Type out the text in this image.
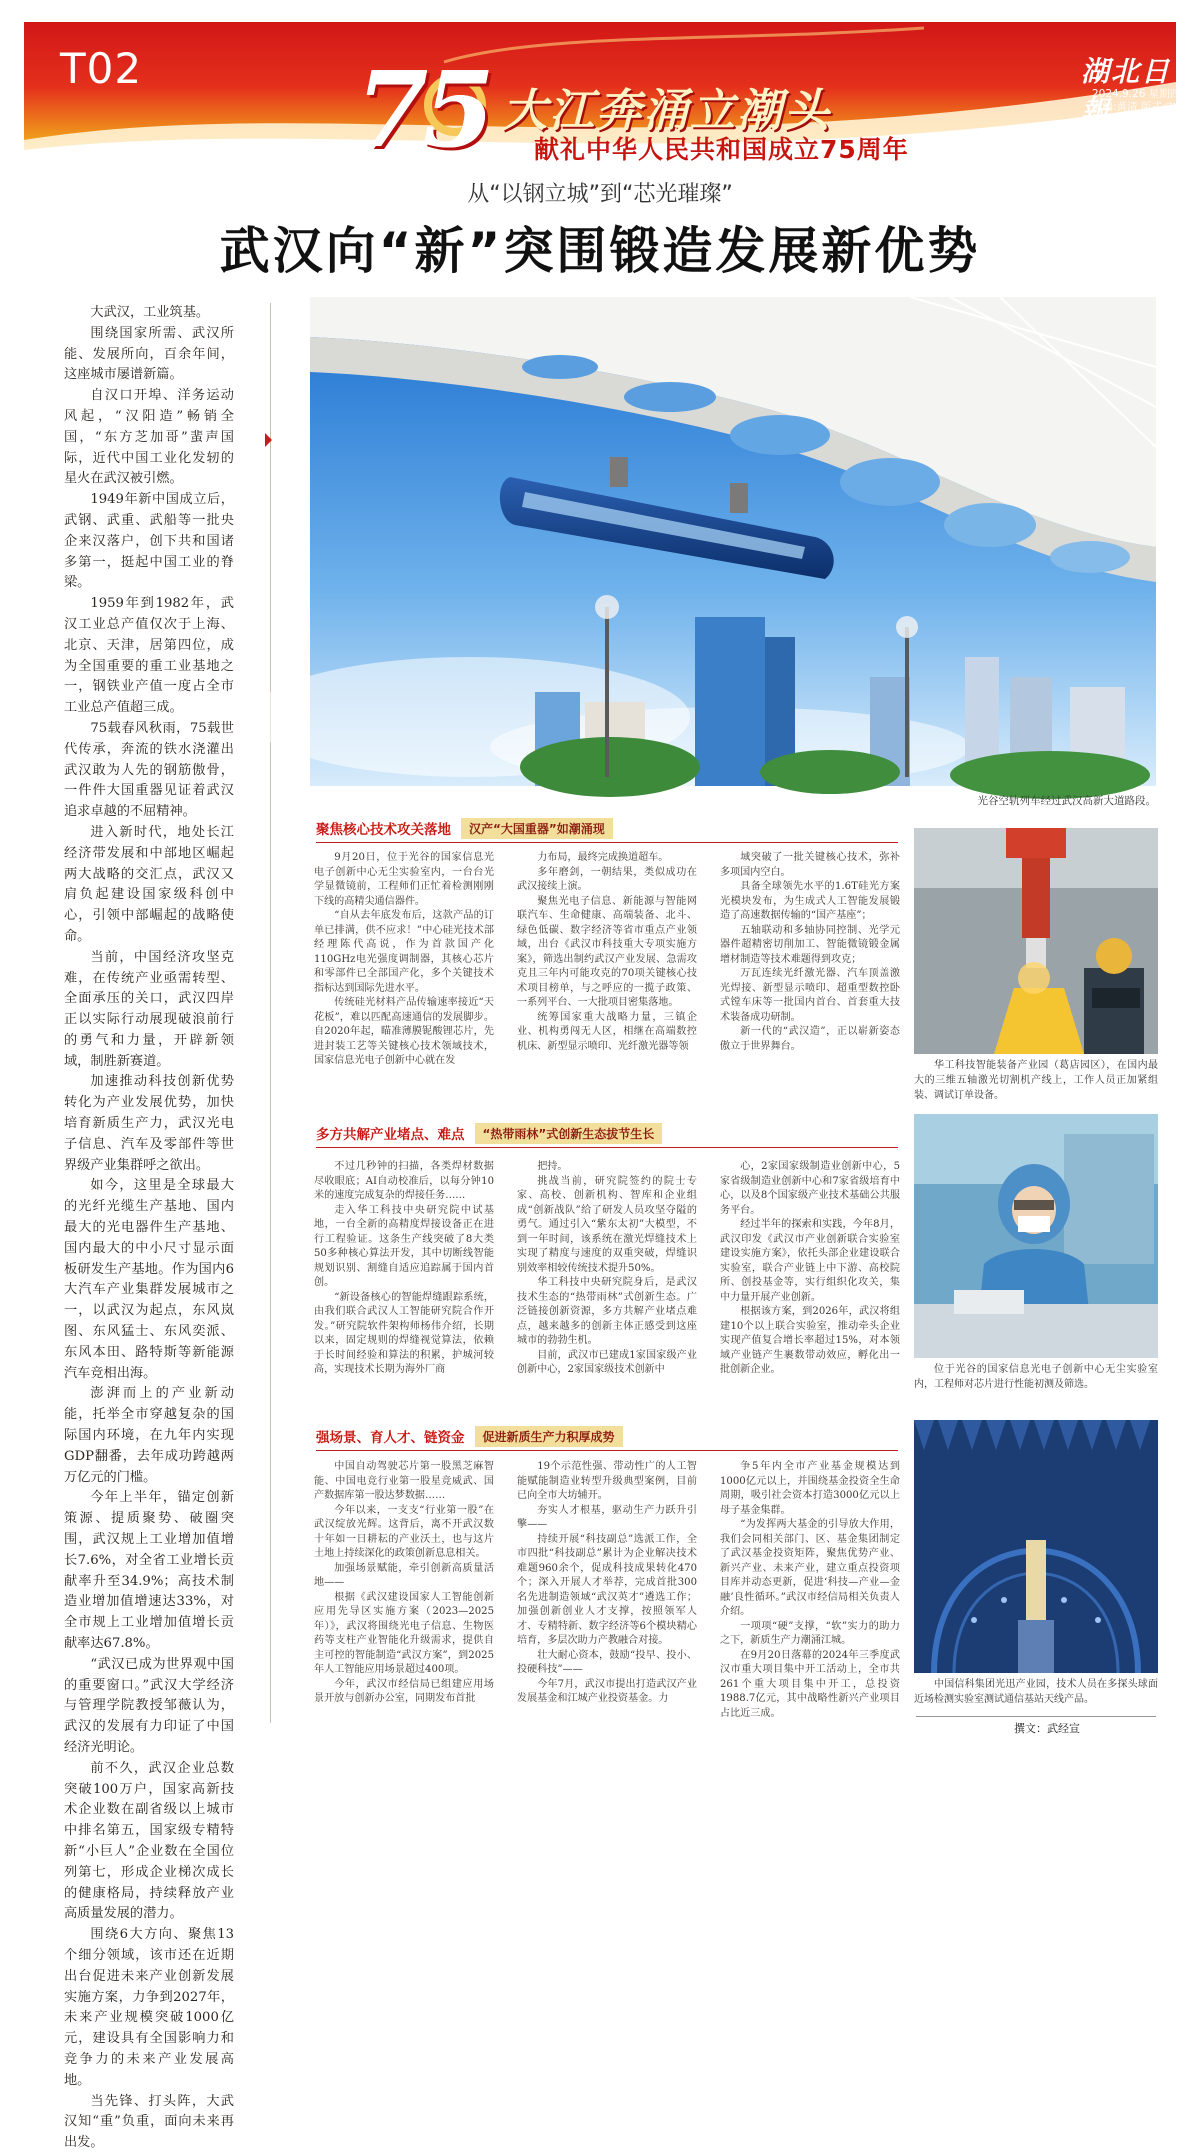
T02 75 大江奔涌立潮头
献礼中华人民共和国成立75周年
湖北日報
2024.9.26 星期四
责编:黄清 版式:宋小为
从“以钢立城”到“芯光璀璨”
武汉向“新”突围锻造发展新优势

大武汉，工业筑基。

围绕国家所需、武汉所能、发展所向，百余年间，这座城市屡谱新篇。

自汉口开埠、洋务运动风起，“汉阳造”畅销全国，“东方芝加哥”蜚声国际，近代中国工业化发轫的星火在武汉被引燃。

1949年新中国成立后，武钢、武重、武船等一批央企来汉落户，创下共和国诸多第一，挺起中国工业的脊梁。

1959年到1982年，武汉工业总产值仅次于上海、北京、天津，居第四位，成为全国重要的重工业基地之一，钢铁业产值一度占全市工业总产值超三成。

75载春风秋雨，75载世代传承，奔流的铁水浇灌出武汉敢为人先的钢筋傲骨，一件件大国重器见证着武汉追求卓越的不屈精神。

进入新时代，地处长江经济带发展和中部地区崛起两大战略的交汇点，武汉又肩负起建设国家级科创中心，引领中部崛起的战略使命。

当前，中国经济攻坚克难，在传统产业亟需转型、全面承压的关口，武汉四岸正以实际行动展现破浪前行的勇气和力量，开辟新领域，制胜新赛道。

加速推动科技创新优势转化为产业发展优势，加快培育新质生产力，武汉光电子信息、汽车及零部件等世界级产业集群呼之欲出。

如今，这里是全球最大的光纤光缆生产基地、国内最大的光电器件生产基地、国内最大的中小尺寸显示面板研发生产基地。作为国内6大汽车产业集群发展城市之一，以武汉为起点，东风岚图、东风猛士、东风奕派、东风本田、路特斯等新能源汽车竞相出海。

澎湃而上的产业新动能，托举全市穿越复杂的国际国内环境，在九年内实现GDP翻番，去年成功跨越两万亿元的门槛。

今年上半年，锚定创新策源、提质聚势、破圈突围，武汉规上工业增加值增长7.6%，对全省工业增长贡献率升至34.9%；高技术制造业增加值增速达33%，对全市规上工业增加值增长贡献率达67.8%。

“武汉已成为世界观中国的重要窗口。”武汉大学经济与管理学院教授邹薇认为，武汉的发展有力印证了中国经济光明论。

前不久，武汉企业总数突破100万户，国家高新技术企业数在副省级以上城市中排名第五，国家级专精特新“小巨人”企业数在全国位列第七，形成企业梯次成长的健康格局，持续释放产业高质量发展的潜力。

围绕6大方向、聚焦13个细分领域，该市还在近期出台促进未来产业创新发展实施方案，力争到2027年，未来产业规模突破1000亿元，建设具有全国影响力和竞争力的未来产业发展高地。

当先锋、打头阵，大武汉知“重”负重，面向未来再出发。

光谷空轨列车经过武汉高新大道路段。
聚焦核心技术攻关落地	汉产“大国重器”如潮涌现

9月20日，位于光谷的国家信息光电子创新中心无尘实验室内，一台台光学显微镜前，工程师们正忙着检测刚刚下线的高精尖通信器件。

“自从去年底发布后，这款产品的订单已排满，供不应求！”中心硅光技术部经理陈代高说，作为首款国产化110GHz电光强度调制器，其核心芯片和零部件已全部国产化，多个关键技术指标达到国际先进水平。

传统硅光材料产品传输速率接近“天花板”，难以匹配高速通信的发展脚步。自2020年起，瞄准薄膜铌酸锂芯片，先进封装工艺等关键核心技术领域技术，国家信息光电子创新中心就在发

力布局，最终完成换道超车。

多年磨剑，一朝结果，类似成功在武汉接续上演。

聚焦光电子信息、新能源与智能网联汽车、生命健康、高端装备、北斗、绿色低碳、数字经济等省市重点产业领域，出台《武汉市科技重大专项实施方案》，筛选出制约武汉产业发展、急需攻克且三年内可能攻克的70项关键核心技术项目榜单，与之呼应的一揽子政策、一系列平台、一大批项目密集落地。

统筹国家重大战略力量，三镇企业、机构勇闯无人区，相继在高端数控机床、新型显示喷印、光纤激光器等领

域突破了一批关键核心技术，弥补多项国内空白。

具备全球领先水平的1.6T硅光方案光模块发布，为生成式人工智能发展锻造了高速数据传输的“国产基座”；

五轴联动和多轴协同控制、光学元器件超精密切削加工、智能微镜锻金属增材制造等技术难题得到攻克；

万瓦连续光纤激光器、汽车顶盖激光焊接、新型显示喷印、超重型数控卧式镗车床等一批国内首台、首套重大技术装备成功研制。

新一代的“武汉造”，正以崭新姿态傲立于世界舞台。

多方共解产业堵点、难点	“热带雨林”式创新生态拔节生长

不过几秒钟的扫描，各类焊材数据尽收眼底；AI自动校准后，以每分钟10米的速度完成复杂的焊接任务……

走入华工科技中央研究院中试基地，一台全新的高精度焊接设备正在进行工程验证。这条生产线突破了8大类50多种核心算法开发，其中切断线智能规划识别、割缝自适应追踪属于国内首创。

“新设备核心的智能焊缝跟踪系统，由我们联合武汉人工智能研究院合作开发。”研究院软件架构师杨伟介绍，长期以来，固定规则的焊缝视觉算法，依赖于长时间经验和算法的积累，护城河较高，实现技术长期为海外厂商

把持。

挑战当前，研究院签约的院士专家、高校、创新机构、智库和企业组成“创新战队”给了研发人员攻坚夺隘的勇气。通过引入“紫东太初”大模型，不到一年时间，该系统在激光焊缝技术上实现了精度与速度的双重突破，焊缝识别效率相较传统技术提升50%。

华工科技中央研究院身后，是武汉技术生态的“热带雨林”式创新生态。广泛链接创新资源，多方共解产业堵点难点，越来越多的创新主体正感受到这座城市的勃勃生机。

目前，武汉市已建成1家国家级产业创新中心，2家国家级技术创新中

心，2家国家级制造业创新中心，5家省级制造业创新中心和7家省级培育中心，以及8个国家级产业技术基础公共服务平台。

经过半年的探索和实践，今年8月，武汉印发《武汉市产业创新联合实验室建设实施方案》，依托头部企业建设联合实验室，联合产业链上中下游、高校院所、创投基金等，实行组织化攻关，集中力量开展产业创新。

根据该方案，到2026年，武汉将组建10个以上联合实验室，推动牵头企业实现产值复合增长率超过15%，对本领域产业链产生裹数带动效应，孵化出一批创新企业。

强场景、育人才、链资金	促进新质生产力积厚成势

中国自动驾驶芯片第一股黑芝麻智能、中国电竞行业第一股星竞威武、国产数据库第一股达梦数据……

今年以来，一支支“行业第一股”在武汉绽放光辉。这背后，离不开武汉数十年如一日耕耘的产业沃土，也与这片土地上持续深化的政策创新息息相关。

加强场景赋能，牵引创新高质量活地——

根据《武汉建设国家人工智能创新应用先导区实施方案（2023—2025年）》，武汉将围绕光电子信息、生物医药等支柱产业智能化升级需求，提供自主可控的智能制造“武汉方案”，到2025年人工智能应用场景超过400项。

今年，武汉市经信局已组建应用场景开放与创新办公室，同期发布首批

19个示范性强、带动性广的人工智能赋能制造业转型升级典型案例，目前已向全市大坊辅开。

夯实人才根基，驱动生产力跃升引擎——

持续开展“科技副总”选派工作，全市四批“科技副总”累计为企业解决技术难题960余个，促成科技成果转化470个；深入开展人才举荐，完成首批300名先进制造领域“武汉英才”遴选工作；加强创新创业人才支撑，按照领军人才、专精特新、数字经济等6个模块精心培育，多层次助力产教融合对接。

壮大耐心资本，鼓励“投早、投小、投硬科技”——

今年7月，武汉市提出打造武汉产业发展基金和江城产业投资基金。力

争5年内全市产业基金规模达到1000亿元以上，并围绕基金投资全生命周期，吸引社会资本打造3000亿元以上母子基金集群。

“为发挥两大基金的引导放大作用，我们会同相关部门、区、基金集团制定了武汉基金投资矩阵，聚焦优势产业、新兴产业、未来产业，建立重点投资项目库并动态更新，促进‘科技—产业—金融’良性循环。”武汉市经信局相关负责人介绍。

一项项“硬”支撑，“软”实力的助力之下，新质生产力潮涌江城。

在9月20日落幕的2024年三季度武汉市重大项目集中开工活动上，全市共261个重大项目集中开工，总投资1988.7亿元，其中战略性新兴产业项目占比近三成。

华工科技智能装备产业园（葛店园区），在国内最大的三维五轴激光切割机产线上，工作人员正加紧组装、调试订单设备。
位于光谷的国家信息光电子创新中心无尘实验室内，工程师对芯片进行性能初测及筛选。
中国信科集团光迅产业园，技术人员在多探头球面近场检测实验室测试通信基站天线产品。
撰文：武经宣
